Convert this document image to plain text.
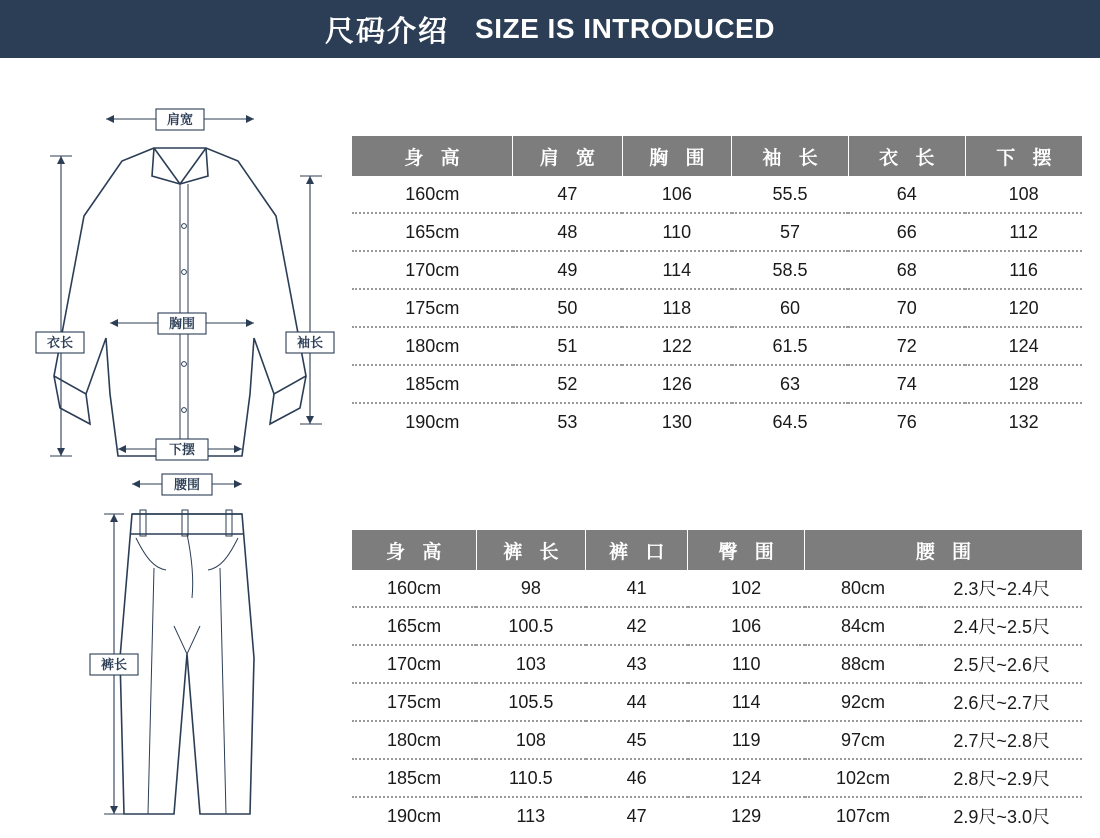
尺码介绍 SIZE IS INTRODUCED
肩宽
胸围
下摆
衣长	袖长
腰围
裤长
身 高	肩 宽	胸 围	袖 长	衣 长	下 摆
160cm	47	106	55.5	64	108
165cm	48	110	57	66	112
170cm	49	114	58.5	68	116
175cm	50	118	60	70	120
180cm	51	122	61.5	72	124
185cm	52	126	63	74	128
190cm	53	130	64.5	76	132
身 高	裤 长	裤 口	臀 围	腰 围	
160cm	98	41	102	80cm	2.3尺~2.4尺
165cm	100.5	42	106	84cm	2.4尺~2.5尺
170cm	103	43	110	88cm	2.5尺~2.6尺
175cm	105.5	44	114	92cm	2.6尺~2.7尺
180cm	108	45	119	97cm	2.7尺~2.8尺
185cm	110.5	46	124	102cm	2.8尺~2.9尺
190cm	113	47	129	107cm	2.9尺~3.0尺
